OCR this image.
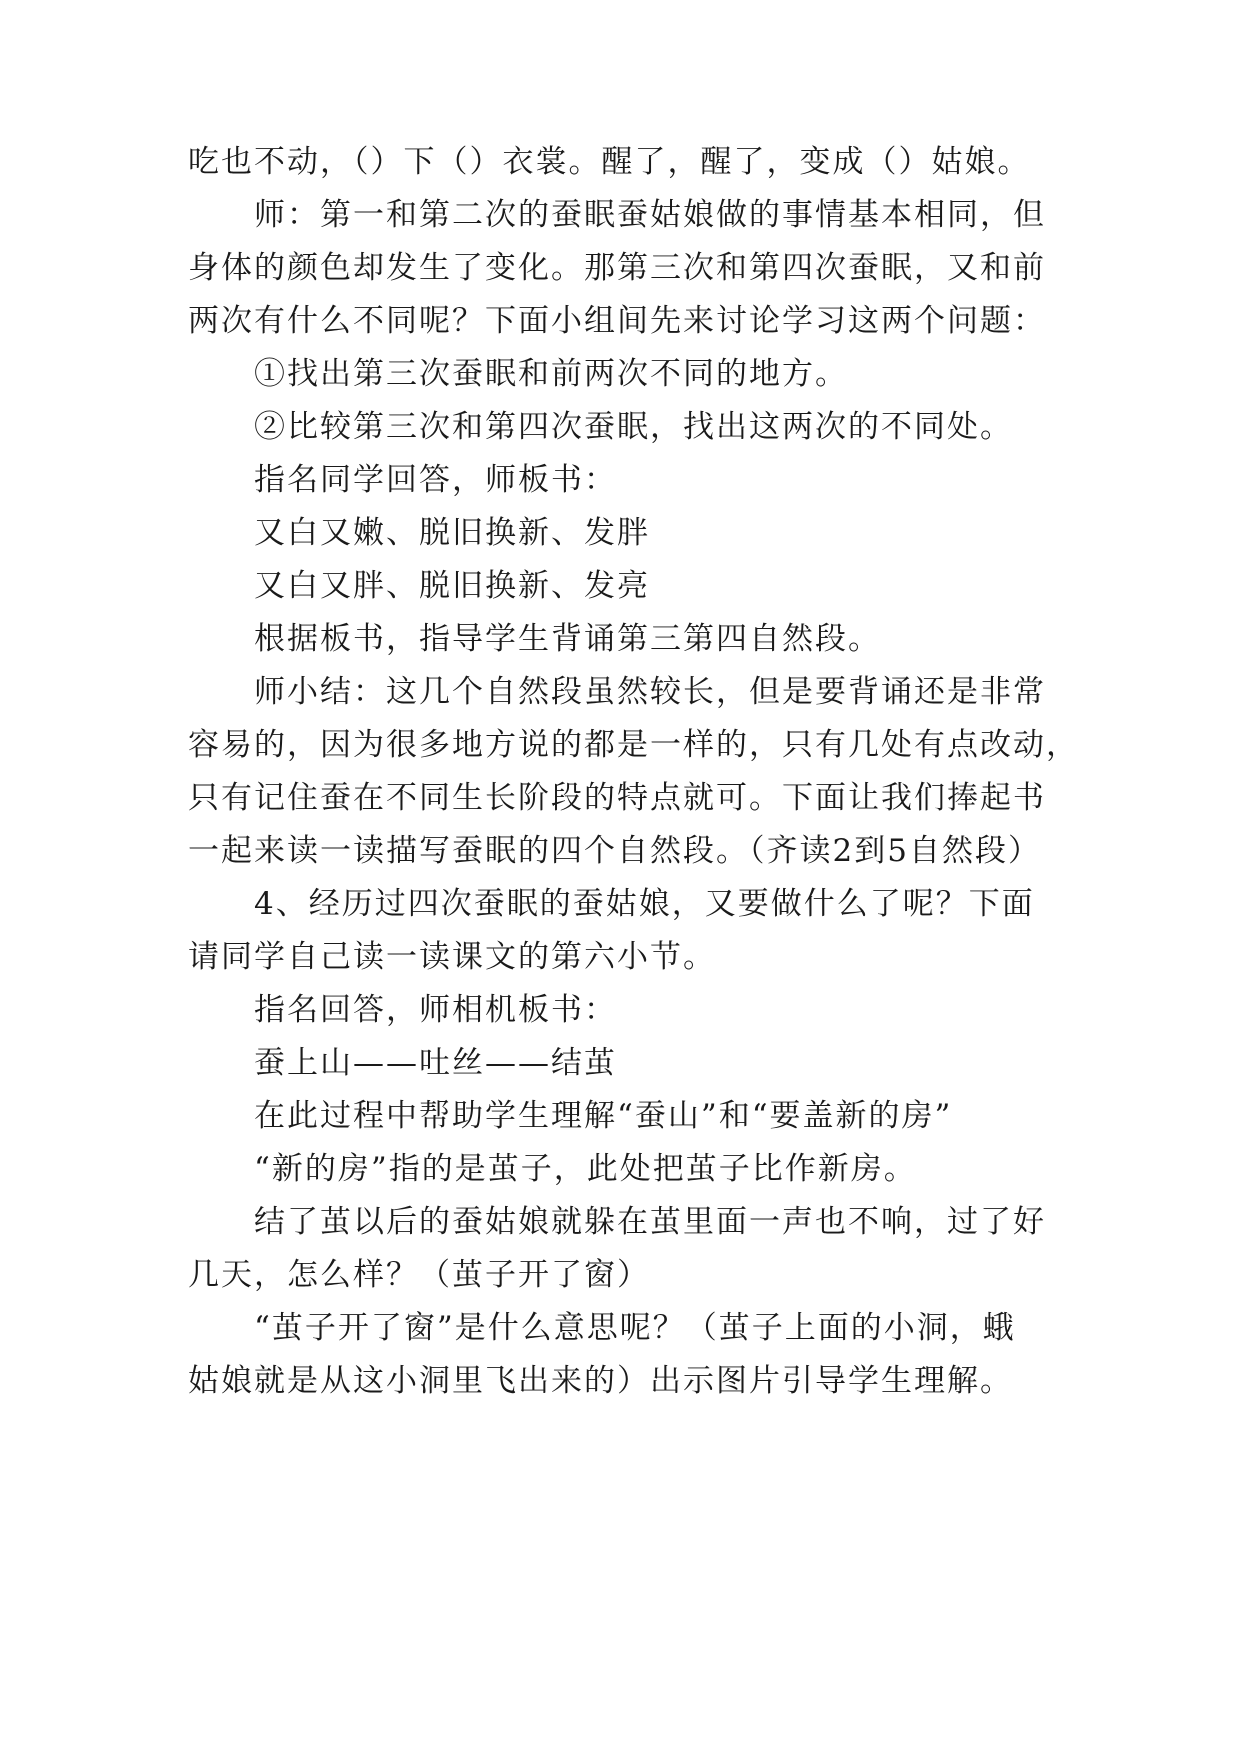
吃也不动，（）下（）衣裳。醒了，醒了，变成（）姑娘。
师：第一和第二次的蚕眠蚕姑娘做的事情基本相同，但
身体的颜色却发生了变化。那第三次和第四次蚕眠，又和前
两次有什么不同呢？下面小组间先来讨论学习这两个问题：
①找出第三次蚕眠和前两次不同的地方。
②比较第三次和第四次蚕眠，找出这两次的不同处。
指名同学回答，师板书：
又白又嫩、脱旧换新、发胖
又白又胖、脱旧换新、发亮
根据板书，指导学生背诵第三第四自然段。
师小结：这几个自然段虽然较长，但是要背诵还是非常
容易的，因为很多地方说的都是一样的，只有几处有点改动，
只有记住蚕在不同生长阶段的特点就可。下面让我们捧起书
一起来读一读描写蚕眠的四个自然段。（齐读2到5自然段）
4、经历过四次蚕眠的蚕姑娘，又要做什么了呢？下面
请同学自己读一读课文的第六小节。
指名回答，师相机板书：
蚕上山——吐丝——结茧
在此过程中帮助学生理解“蚕山”和“要盖新的房”
“新的房”指的是茧子，此处把茧子比作新房。
结了茧以后的蚕姑娘就躲在茧里面一声也不响，过了好
几天，怎么样？（茧子开了窗）
“茧子开了窗”是什么意思呢？（茧子上面的小洞，蛾
姑娘就是从这小洞里飞出来的）出示图片引导学生理解。
